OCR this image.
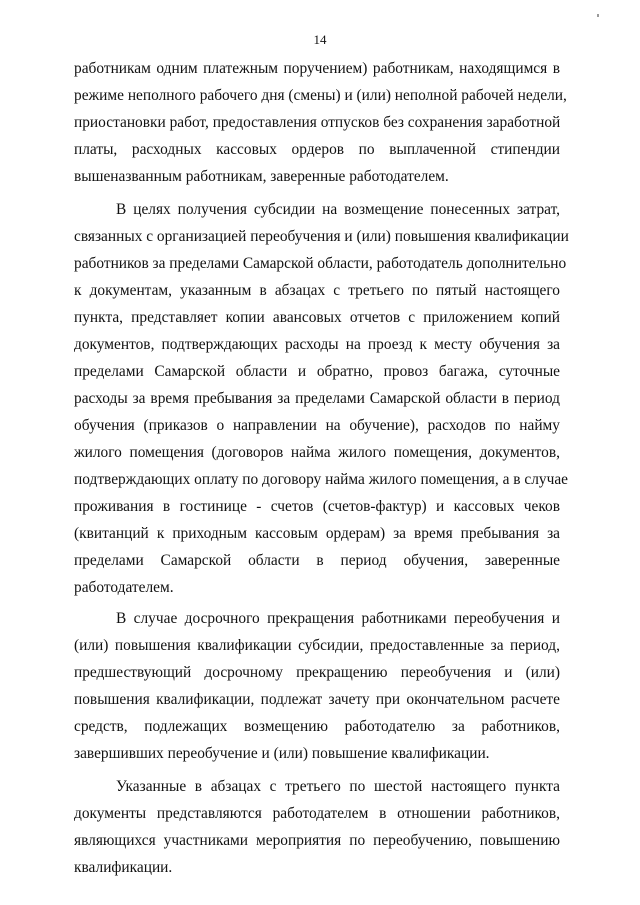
14
работникам одним платежным поручением) работникам, находящимся в
режиме неполного рабочего дня (смены) и (или) неполной рабочей недели,
приостановки работ, предоставления отпусков без сохранения заработной
платы, расходных кассовых ордеров по выплаченной стипендии
вышеназванным работникам, заверенные работодателем.
В целях получения субсидии на возмещение понесенных затрат,
связанных с организацией переобучения и (или) повышения квалификации
работников за пределами Самарской области, работодатель дополнительно
к документам, указанным в абзацах с третьего по пятый настоящего
пункта, представляет копии авансовых отчетов с приложением копий
документов, подтверждающих расходы на проезд к месту обучения за
пределами Самарской области и обратно, провоз багажа, суточные
расходы за время пребывания за пределами Самарской области в период
обучения (приказов о направлении на обучение), расходов по найму
жилого помещения (договоров найма жилого помещения, документов,
подтверждающих оплату по договору найма жилого помещения, а в случае
проживания в гостинице - счетов (счетов-фактур) и кассовых чеков
(квитанций к приходным кассовым ордерам) за время пребывания за
пределами Самарской области в период обучения, заверенные
работодателем.
В случае досрочного прекращения работниками переобучения и
(или) повышения квалификации субсидии, предоставленные за период,
предшествующий досрочному прекращению переобучения и (или)
повышения квалификации, подлежат зачету при окончательном расчете
средств, подлежащих возмещению работодателю за работников,
завершивших переобучение и (или) повышение квалификации.
Указанные в абзацах с третьего по шестой настоящего пункта
документы представляются работодателем в отношении работников,
являющихся участниками мероприятия по переобучению, повышению
квалификации.
